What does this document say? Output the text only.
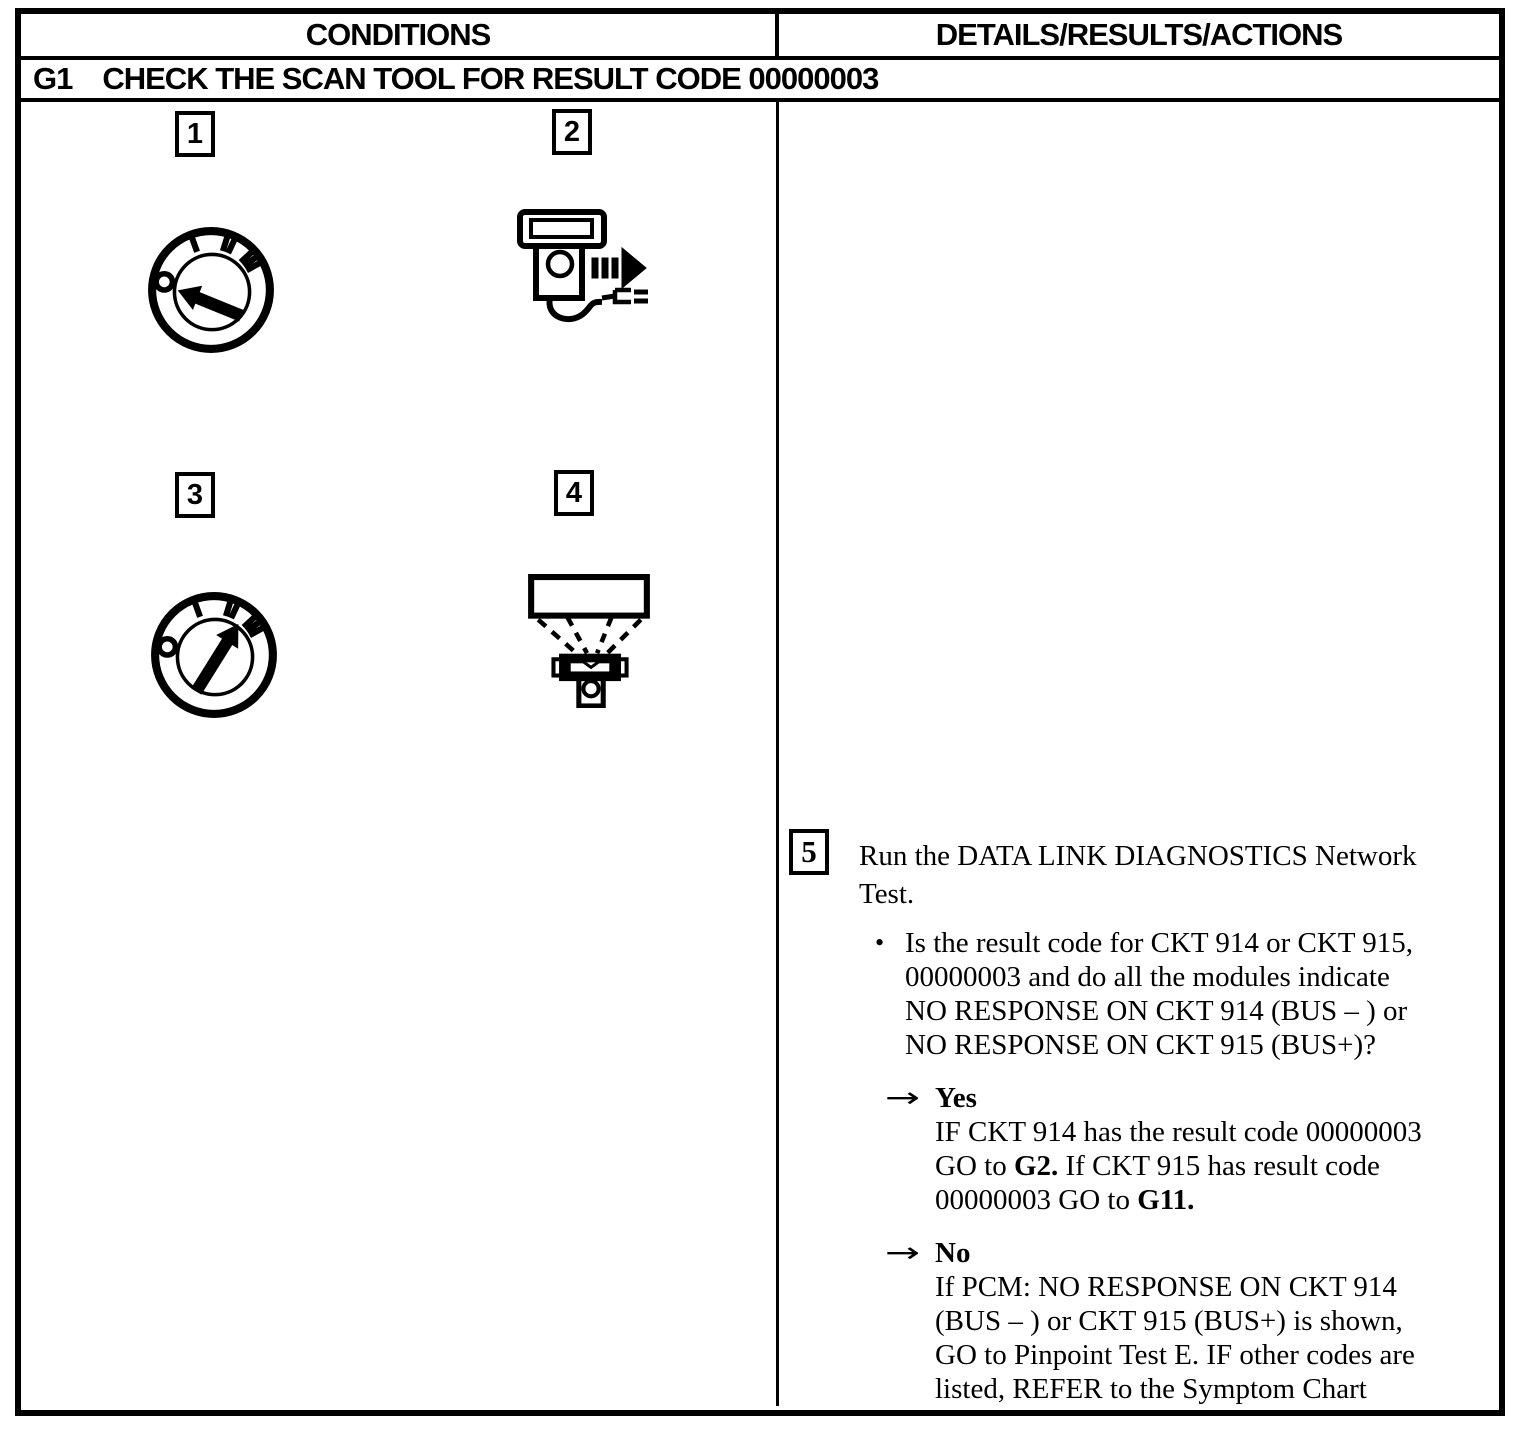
CONDITIONS	DETAILS/RESULTS/ACTIONS
G1 CHECK THE SCAN TOOL FOR RESULT CODE 00000003
1	2
3	4
5 Run the DATA LINK DIAGNOSTICS Network
Test.
• Is the result code for CKT 914 or CKT 915,
00000003 and do all the modules indicate
NO RESPONSE ON CKT 914 (BUS – ) or
NO RESPONSE ON CKT 915 (BUS+)?
→ Yes
IF CKT 914 has the result code 00000003
GO to G2. If CKT 915 has result code
00000003 GO to G11.
→ No
If PCM: NO RESPONSE ON CKT 914
(BUS – ) or CKT 915 (BUS+) is shown,
GO to Pinpoint Test E. IF other codes are
listed, REFER to the Symptom Chart
